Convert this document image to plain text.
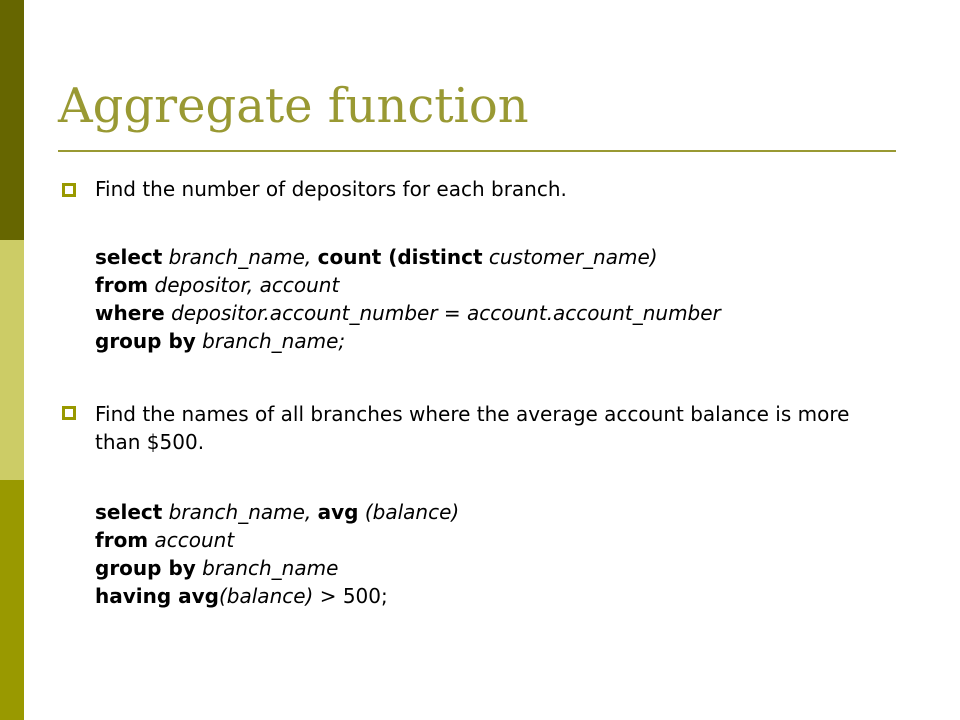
Aggregate function
Find the number of depositors for each branch.
select branch_name, count (distinct customer_name)
from depositor, account
where depositor.account_number = account.account_number
group by branch_name;
Find the names of all branches where the average account balance is more than $500.
select branch_name, avg (balance)
from account
group by branch_name
having avg(balance) > 500;
